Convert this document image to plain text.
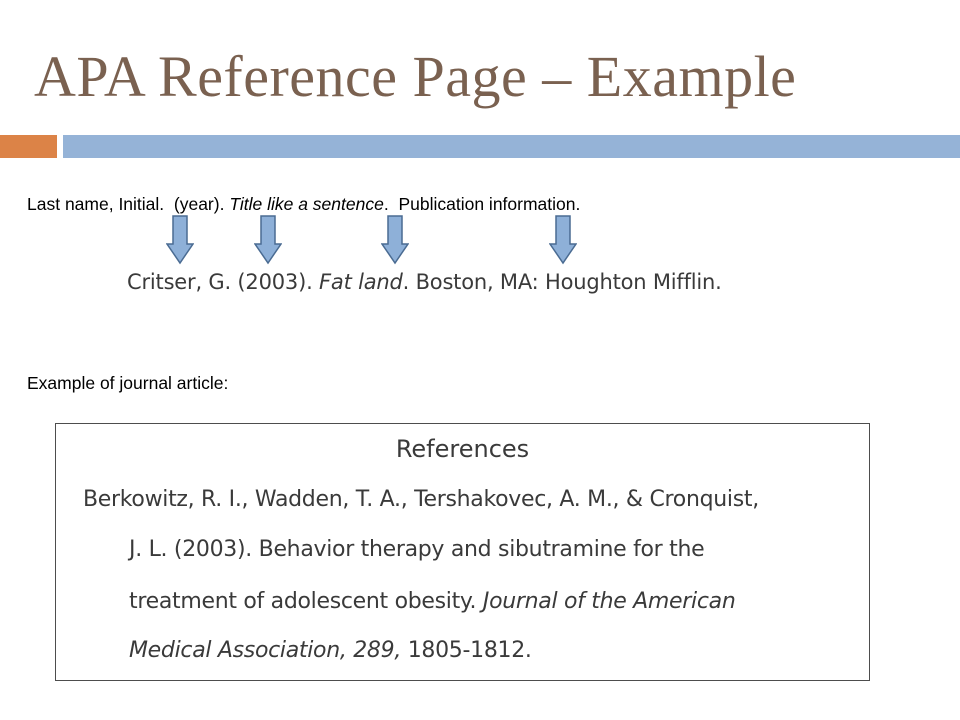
APA Reference Page – Example
Last name, Initial. (year). Title like a sentence. Publication information.
Critser, G. (2003). Fat land. Boston, MA: Houghton Mifflin.
Example of journal article:
References
Berkowitz, R. I., Wadden, T. A., Tershakovec, A. M., & Cronquist,
J. L. (2003). Behavior therapy and sibutramine for the
treatment of adolescent obesity. Journal of the American
Medical Association, 289, 1805-1812.
